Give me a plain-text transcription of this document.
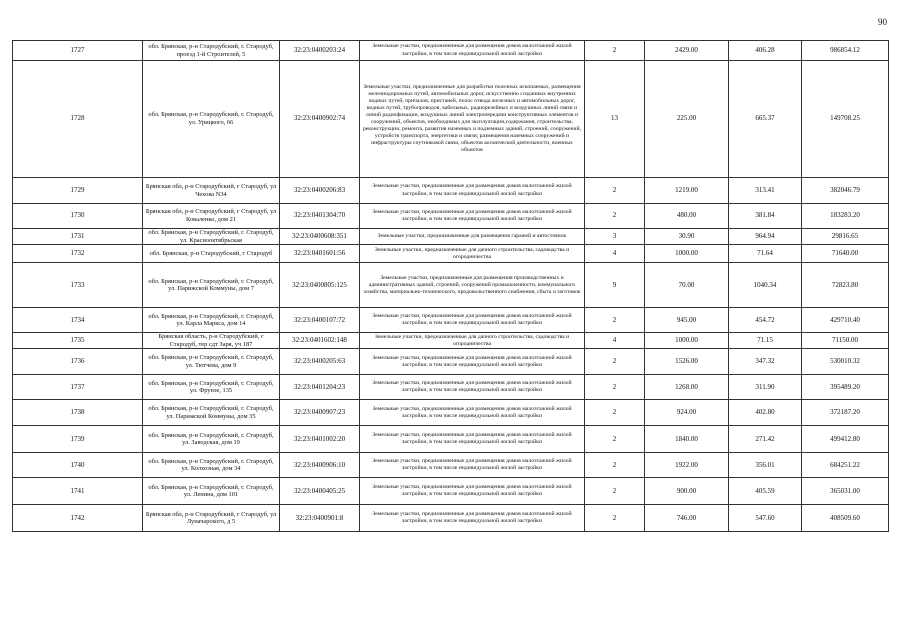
90
1727	обл. Брянская, р-н Стародубский, г. Стародуб, проезд 1-й Строителей, 5	32:23:0400203:24	Земельные участки, предназначенные для размещения домов малоэтажной жилой застройки, в том числе индивидуальной жилой застройки	2	2429.00	406.28	986854.12
1728	обл. Брянская, р-н Стародубский, г. Стародуб, ул. Урицкого, 66	32:23:0400902:74	Земельные участки, предназначенные для разработки полезных ископаемых, размещения железнодорожных путей, автомобильных дорог, искусственно созданных внутренних водных путей, причалов, пристаней, полос отвода железных и автомобильных дорог, водных путей, трубопроводов, кабельных, радиорелейных и воздушных линий связи и линий радиофикации, воздушных линий электропередачи конструктивных элементов и сооружений, объектов, необходимых для эксплуатации,содержания, строительства, реконструкции, ремонта, развития наземных и подземных зданий, строений, сооружений, устройств транспорта, энергетики и связи; размещения наземных сооружений и инфраструктуры спутниковой связи, объектов космической деятельности, военных объектов	13	225.00	665.37	149708.25
1729	Брянская обл, р-н Стародубский, г Стародуб, ул Чехова N34	32:23:0400206:83	Земельные участки, предназначенные для размещения домов малоэтажной жилой застройки, в том числе индивидуальной жилой застройки	2	1219.00	313.41	382046.79
1730	Брянская обл, р-н Стародубский, г Стародуб, ул Коваленко, дом 21	32:23:0401304:70	Земельные участки, предназначенные для размещения домов малоэтажной жилой застройки, в том числе индивидуальной жилой застройки	2	480.00	381.84	183283.20
1731	обл. Брянская, р-н Стародубский, г. Стародуб, ул. Краснооктябрьская	32:23:0400608:351	Земельные участки, предназначенные для размещения гаражей и автостоянок	3	30.90	964.94	29816.65
1732	обл. Брянская, р-н Стародубский, г Стародуб	32:23:0401601:56	Земельные участки, предназначенные для дачного строительства, садоводства и огородничества	4	1000.00	71.64	71640.00
1733	обл. Брянская, р-н Стародубский, г. Стародуб, ул. Парижской Коммуны, дом 7	32:23:0400805:125	Земельные участки, предназначенные для размещения производственных и административных зданий, строений, сооружений промышленности, коммунального хозяйства, материально-технического, продовольственного снабжения, сбыта и заготовок	9	70.00	1040.34	72823.80
1734	обл. Брянская, р-н Стародубский, г. Стародуб, ул. Карла Маркса, дом 14	32:23:0400107:72	Земельные участки, предназначенные для размещения домов малоэтажной жилой застройки, в том числе индивидуальной жилой застройки	2	945.00	454.72	429710.40
1735	Брянская область, р-н Стародубский, г Стародуб, тер сдт Заря, уч 187	32:23:0401602:148	Земельные участки, предназначенные для дачного строительства, садоводства и огородничества	4	1000.00	71.15	71150.00
1736	обл. Брянская, р-н Стародубский, г. Стародуб, ул. Тютчева, дом 9	32:23:0400205:63	Земельные участки, предназначенные для размещения домов малоэтажной жилой застройки, в том числе индивидуальной жилой застройки	2	1526.00	347.32	530010.32
1737	обл. Брянская, р-н Стародубский, г. Стародуб, ул. Фрунзе, 135	32:23:0401204:23	Земельные участки, предназначенные для размещения домов малоэтажной жилой застройки, в том числе индивидуальной жилой застройки	2	1268.00	311.90	395489.20
1738	обл. Брянская, р-н Стародубский, г. Стародуб, ул. Парижской Коммуны, дом 35	32:23:0400907:23	Земельные участки, предназначенные для размещения домов малоэтажной жилой застройки, в том числе индивидуальной жилой застройки	2	924.00	402.80	372187.20
1739	обл. Брянская, р-н Стародубский, г. Стародуб, ул. Заводская, дом 19	32:23:0401002:20	Земельные участки, предназначенные для размещения домов малоэтажной жилой застройки, в том числе индивидуальной жилой застройки	2	1840.00	271.42	499412.80
1740	обл. Брянская, р-н Стародубский, г. Стародуб, ул. Колхозная, дом 34	32:23:0400906:10	Земельные участки, предназначенные для размещения домов малоэтажной жилой застройки, в том числе индивидуальной жилой застройки	2	1922.00	356.01	684251.22
1741	обл. Брянская, р-н Стародубский, г. Стародуб, ул. Ленина, дом 101	32:23:0400405:25	Земельные участки, предназначенные для размещения домов малоэтажной жилой застройки, в том числе индивидуальной жилой застройки	2	900.00	405.59	365031.00
1742	Брянская обл, р-н Стародубский, г Стародуб, ул Луначарского, д 5	32:23:0400901:8	Земельные участки, предназначенные для размещения домов малоэтажной жилой застройки, в том числе индивидуальной жилой застройки	2	746.00	547.60	408509.60
